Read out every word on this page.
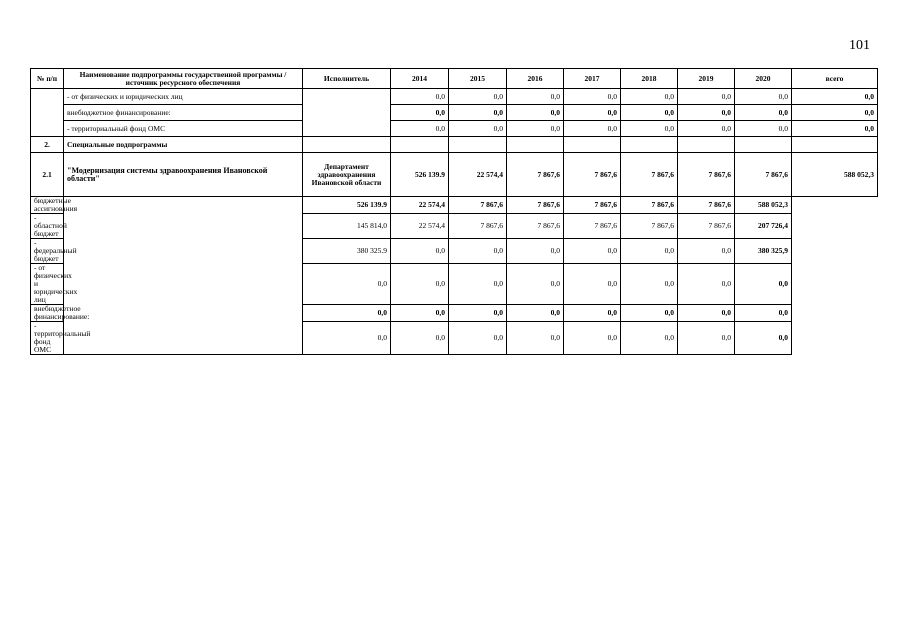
101
№ п/п	Наименование подпрограммы государственной программы / источник ресурсного обеспечения	Исполнитель	2014	2015	2016	2017	2018	2019	2020	всего
	- от физических и юридических лиц		0,0	0,0	0,0	0,0	0,0	0,0	0,0	0,0
	внебюджетное финансирование:		0,0	0,0	0,0	0,0	0,0	0,0	0,0	0,0
	- территориальный фонд ОМС		0,0	0,0	0,0	0,0	0,0	0,0	0,0	0,0
2.	Специальные подпрограммы									
2.1	"Модернизация системы здравоохранения Ивановской области"	Департамент здравоохранения Ивановской области	526 139.9	22 574,4	7 867,6	7 867,6	7 867,6	7 867,6	7 867,6	588 052,3
бюджетные ассигнования		526 139.9	22 574,4	7 867,6	7 867,6	7 867,6	7 867,6	7 867,6	588 052,3	
- областной бюджет		145 814,0	22 574,4	7 867,6	7 867,6	7 867,6	7 867,6	7 867,6	207 726,4	
- федеральный бюджет		380 325.9	0,0	0,0	0,0	0,0	0,0	0,0	380 325,9	
- от физических и юридических лиц		0,0	0,0	0,0	0,0	0,0	0,0	0,0	0,0	
внебюджетное финансирование:		0,0	0,0	0,0	0,0	0,0	0,0	0,0	0,0	
- территориальный фонд ОМС		0,0	0,0	0,0	0,0	0,0	0,0	0,0	0,0	
